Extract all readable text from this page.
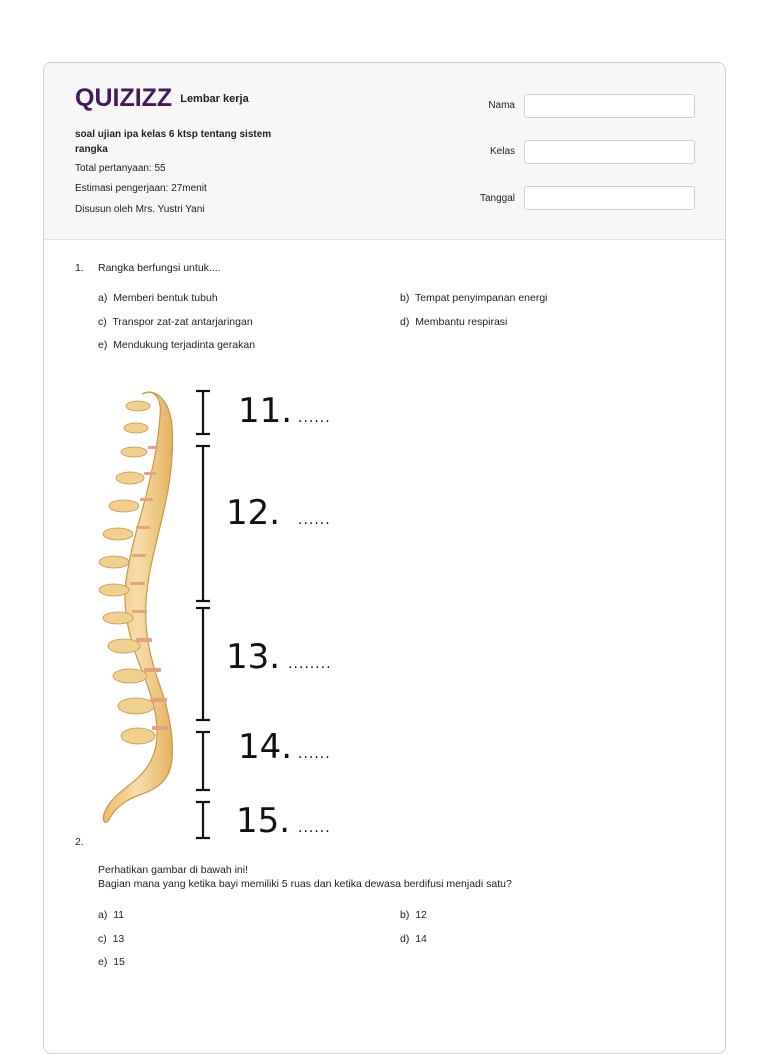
QUIZIZZ Lembar kerja
soal ujian ipa kelas 6 ktsp tentang sistem rangka
Total pertanyaan: 55
Estimasi pengerjaan: 27menit
Disusun oleh Mrs. Yustri Yani
Nama
Kelas
Tanggal
1. Rangka berfungsi untuk....
a) Memberi bentuk tubuh	b) Tempat penyimpanan energi
c) Transpor zat-zat antarjaringan	d) Membantu respirasi
e) Mendukung terjadinta gerakan
11. ......
12. ......
13. ........
14. ......
15. ......
2.
Perhatikan gambar di bawah ini!
Bagian mana yang ketika bayi memiliki 5 ruas dan ketika dewasa berdifusi menjadi satu?
a) 11	b) 12
c) 13	d) 14
e) 15
